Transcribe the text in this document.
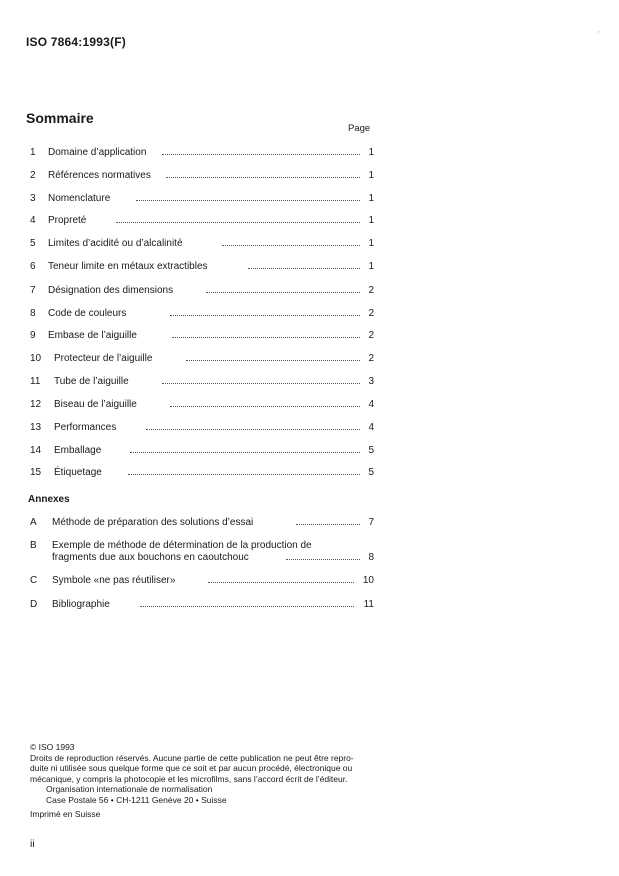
ISO 7864:1993(F)
'
Sommaire
Page
1 Domaine d’application	1
2 Références normatives	1
3 Nomenclature	1
4 Propreté	1
5 Limites d’acidité ou d’alcalinité	1
6 Teneur limite en métaux extractibles	1
7 Désignation des dimensions	2
8 Code de couleurs	2
9 Embase de l’aiguille	2
10 Protecteur de l’aiguille	2
11 Tube de l’aiguille	3
12 Biseau de l’aiguille	4
13 Performances	4
14 Emballage	5
15 Étiquetage	5
Annexes
A Méthode de préparation des solutions d’essai	7
B Exemple de méthode de détermination de la production de
fragments due aux bouchons en caoutchouc	8
C Symbole «ne pas réutiliser»	10
D Bibliographie	11
© ISO 1993
Droits de reproduction réservés. Aucune partie de cette publication ne peut être repro-
duite ni utilisée sous quelque forme que ce soit et par aucun procédé, électronique ou
mécanique, y compris la photocopie et les microfilms, sans l’accord écrit de l’éditeur.
Organisation internationale de normalisation
Case Postale 56 • CH-1211 Genève 20 • Suisse
Imprimé en Suisse
ii
